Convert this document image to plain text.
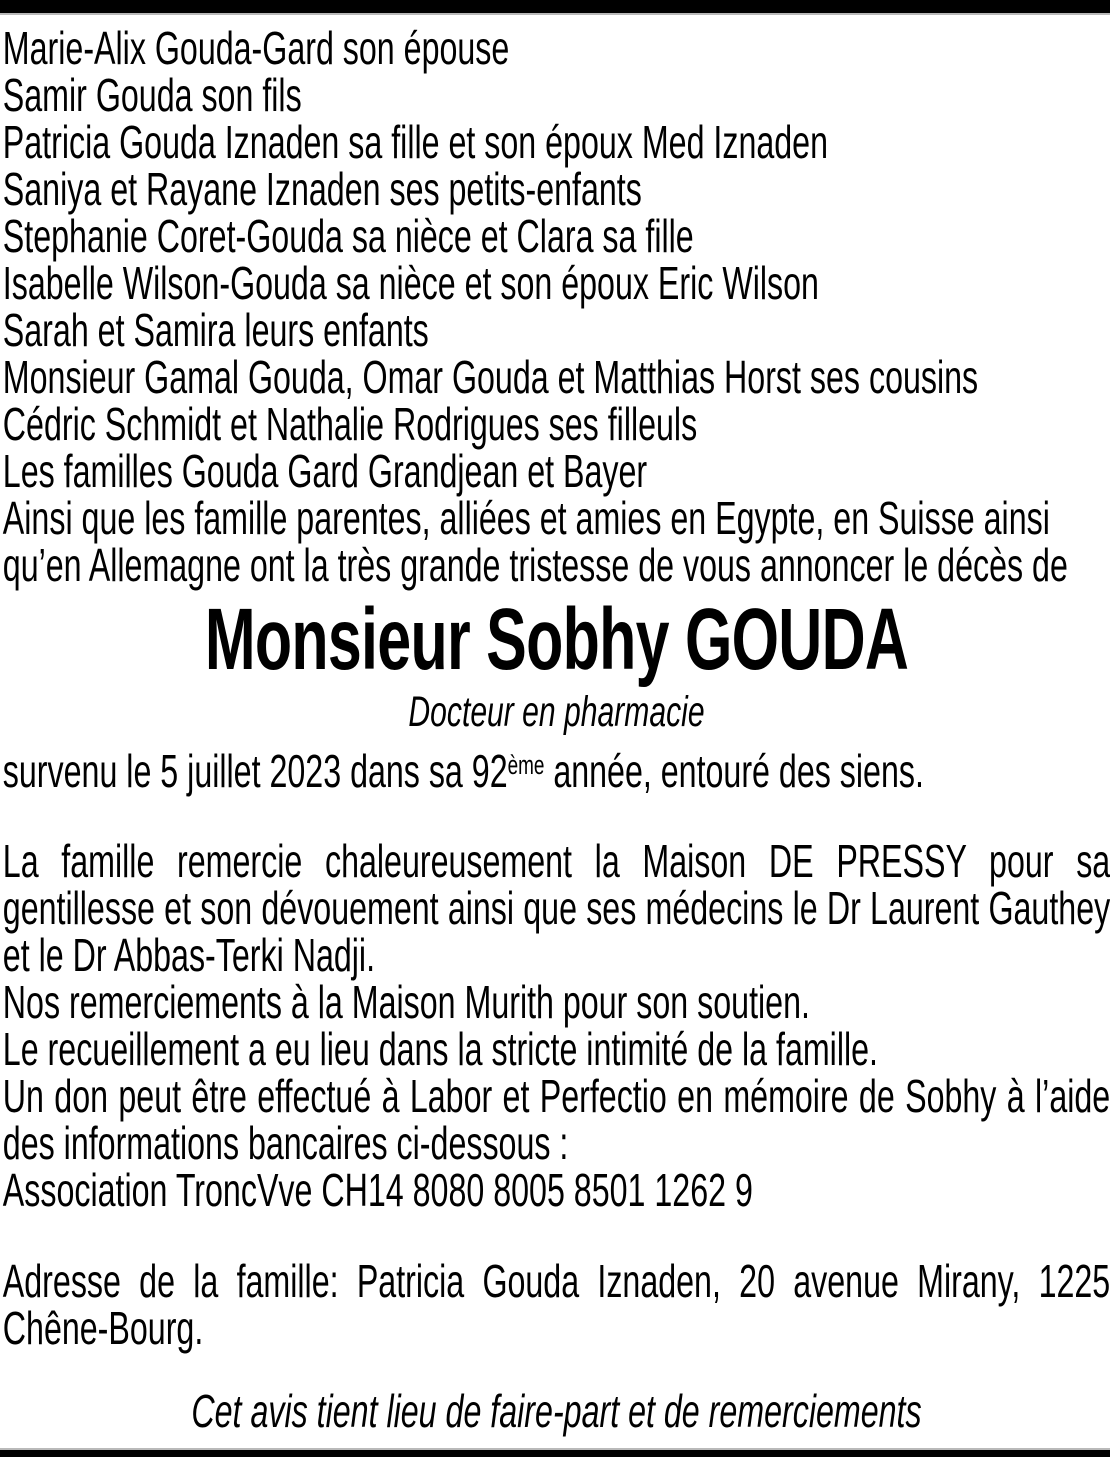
Marie-Alix Gouda-Gard son épouse
Samir Gouda son fils
Patricia Gouda Iznaden sa fille et son époux Med Iznaden
Saniya et Rayane Iznaden ses petits-enfants
Stephanie Coret-Gouda sa nièce et Clara sa fille
Isabelle Wilson-Gouda sa nièce et son époux Eric Wilson
Sarah et Samira leurs enfants
Monsieur Gamal Gouda, Omar Gouda et Matthias Horst ses cousins
Cédric Schmidt et Nathalie Rodrigues ses filleuls
Les familles Gouda Gard Grandjean et Bayer
Ainsi que les famille parentes, alliées et amies en Egypte, en Suisse ainsi
qu’en Allemagne ont la très grande tristesse de vous annoncer le décès de
Monsieur Sobhy GOUDA
Docteur en pharmacie
survenu le 5 juillet 2023 dans sa 92ème année, entouré des siens.
La famille remercie chaleureusement la Maison DE PRESSY pour sa
gentillesse et son dévouement ainsi que ses médecins le Dr Laurent Gauthey
et le Dr Abbas-Terki Nadji.
Nos remerciements à la Maison Murith pour son soutien.
Le recueillement a eu lieu dans la stricte intimité de la famille.
Un don peut être effectué à Labor et Perfectio en mémoire de Sobhy à l’aide
des informations bancaires ci-dessous :
Association TroncVve CH14 8080 8005 8501 1262 9
Adresse de la famille: Patricia Gouda Iznaden, 20 avenue Mirany, 1225
Chêne-Bourg.
Cet avis tient lieu de faire-part et de remerciements
